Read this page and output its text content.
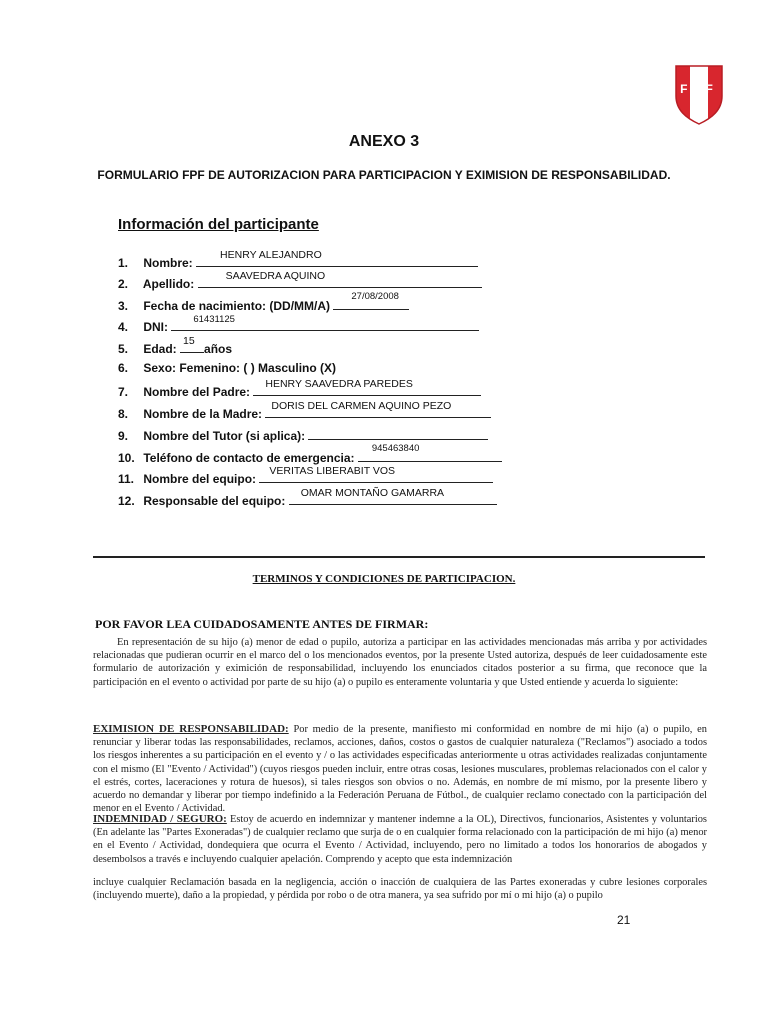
FPF
ANEXO 3
FORMULARIO FPF DE AUTORIZACION PARA PARTICIPACION Y EXIMISION DE RESPONSABILIDAD.
Información del participante
1. Nombre:
HENRY ALEJANDRO
2. Apellido:
SAAVEDRA AQUINO
3. Fecha de nacimiento: (DD/MM/A)
27/08/2008
4. DNI:
61431125
5. Edad:
15
años
6. Sexo: Femenino: ( ) Masculino (X)
7. Nombre del Padre:
HENRY SAAVEDRA PAREDES
8. Nombre de la Madre:
DORIS DEL CARMEN AQUINO PEZO
9. Nombre del Tutor (si aplica):
10. Teléfono de contacto de emergencia:
945463840
11. Nombre del equipo:
VERITAS LIBERABIT VOS
12. Responsable del equipo:
OMAR MONTAÑO GAMARRA
TERMINOS Y CONDICIONES DE PARTICIPACION.
POR FAVOR LEA CUIDADOSAMENTE ANTES DE FIRMAR:
En representación de su hijo (a) menor de edad o pupilo, autoriza a participar en las actividades mencionadas más arriba y por actividades relacionadas que pudieran ocurrir en el marco del o los mencionados eventos, por la presente Usted autoriza, después de leer cuidadosamente este formulario de autorización y eximición de responsabilidad, incluyendo los enunciados citados posterior a su firma, que reconoce que la participación en el evento o actividad por parte de su hijo (a) o pupilo es enteramente voluntaria y que Usted entiende y acuerda lo siguiente:
EXIMISION DE RESPONSABILIDAD: Por medio de la presente, manifiesto mi conformidad en nombre de mi hijo (a) o pupilo, en renunciar y liberar todas las responsabilidades, reclamos, acciones, daños, costos o gastos de cualquier naturaleza ("Reclamos") asociado a todos los riesgos inherentes a su participación en el evento y / o las actividades especificadas anteriormente u otras actividades realizadas conjuntamente con el mismo (El "Evento / Actividad") (cuyos riesgos pueden incluir, entre otras cosas, lesiones musculares, problemas relacionados con el calor y el estrés, cortes, laceraciones y rotura de huesos), si tales riesgos son obvios o no. Además, en nombre de mí mismo, por la presente libero y acuerdo no demandar y liberar por tiempo indefinido a la Federación Peruana de Fútbol., de cualquier reclamo conectado con la participación del menor en el Evento / Actividad.
INDEMNIDAD / SEGURO: Estoy de acuerdo en indemnizar y mantener indemne a la OL), Directivos, funcionarios, Asistentes y voluntarios (En adelante las "Partes Exoneradas") de cualquier reclamo que surja de o en cualquier forma relacionado con la participación de mi hijo (a) menor en el Evento / Actividad, dondequiera que ocurra el Evento / Actividad, incluyendo, pero no limitado a todos los honorarios de abogados y desembolsos a través e incluyendo cualquier apelación. Comprendo y acepto que esta indemnización
incluye cualquier Reclamación basada en la negligencia, acción o inacción de cualquiera de las Partes exoneradas y cubre lesiones corporales (incluyendo muerte), daño a la propiedad, y pérdida por robo o de otra manera, ya sea sufrido por mí o mi hijo (a) o pupilo
21
